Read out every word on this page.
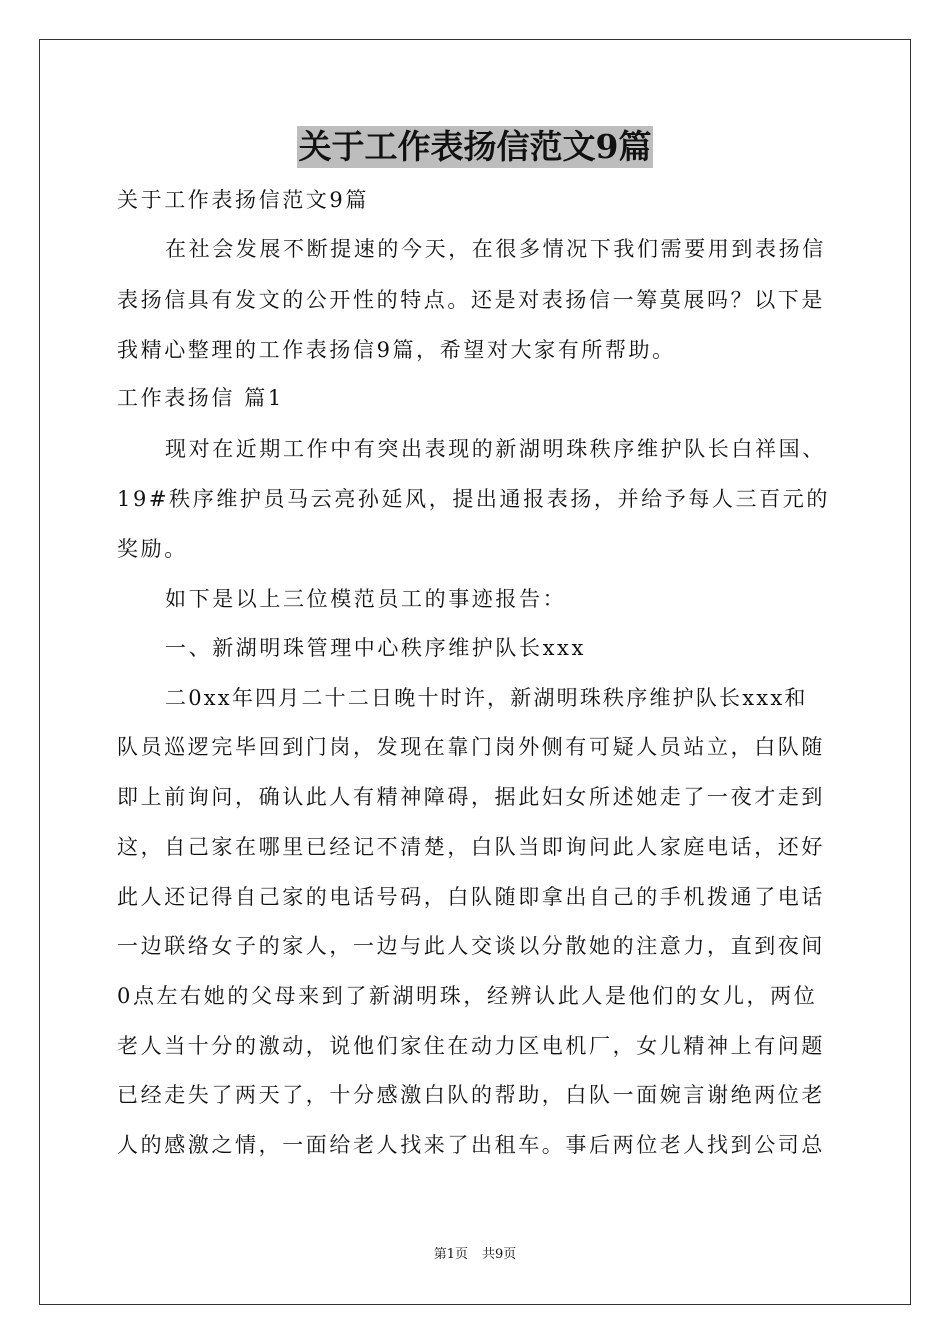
关于工作表扬信范文9篇
关于工作表扬信范文9篇
在社会发展不断提速的今天，在很多情况下我们需要用到表扬信
表扬信具有发文的公开性的特点。还是对表扬信一筹莫展吗？以下是
我精心整理的工作表扬信9篇，希望对大家有所帮助。
工作表扬信 篇1
现对在近期工作中有突出表现的新湖明珠秩序维护队长白祥国、
19#秩序维护员马云亮孙延风，提出通报表扬，并给予每人三百元的
奖励。
如下是以上三位模范员工的事迹报告：
一、新湖明珠管理中心秩序维护队长xxx
二0xx年四月二十二日晚十时许，新湖明珠秩序维护队长xxx和
队员巡逻完毕回到门岗，发现在靠门岗外侧有可疑人员站立，白队随
即上前询问，确认此人有精神障碍，据此妇女所述她走了一夜才走到
这，自己家在哪里已经记不清楚，白队当即询问此人家庭电话，还好
此人还记得自己家的电话号码，白队随即拿出自己的手机拨通了电话
一边联络女子的家人，一边与此人交谈以分散她的注意力，直到夜间
0点左右她的父母来到了新湖明珠，经辨认此人是他们的女儿，两位
老人当十分的激动，说他们家住在动力区电机厂，女儿精神上有问题
已经走失了两天了，十分感激白队的帮助，白队一面婉言谢绝两位老
人的感激之情，一面给老人找来了出租车。事后两位老人找到公司总
第1页 共9页
